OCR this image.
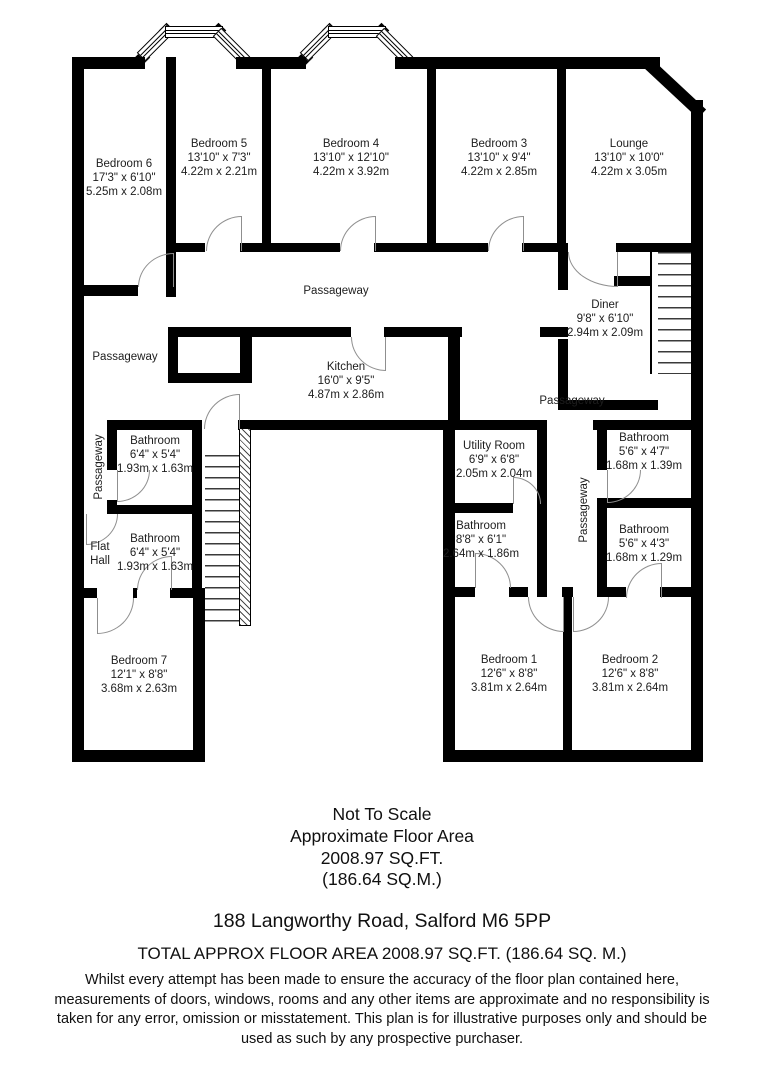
Bedroom 6
17'3" x 6'10"
5.25m x 2.08m
Bedroom 5
13'10" x 7'3"
4.22m x 2.21m
Bedroom 4
13'10" x 12'10"
4.22m x 3.92m
Bedroom 3
13'10" x 9'4"
4.22m x 2.85m
Lounge
13'10" x 10'0"
4.22m x 3.05m
Passageway
Diner
9'8" x 6'10"
2.94m x 2.09m
Passageway
Kitchen
16'0" x 9'5"
4.87m x 2.86m	Passageway
Utility Room
6'9" x 6'8"
2.05m x 2.04m
Bathroom
6'4" x 5'4"
1.93m x 1.63m
Passageway	Bathroom
5'6" x 4'7"
1.68m x 1.39m
Passageway
Bathroom
8'8" x 6'1"
2.64m x 1.86m
Bathroom
6'4" x 5'4"
1.93m x 1.63m
Flat
Hall
Bathroom
5'6" x 4'3"
1.68m x 1.29m
Bedroom 7
12'1" x 8'8"
3.68m x 2.63m
Bedroom 1
12'6" x 8'8"
3.81m x 2.64m
Bedroom 2
12'6" x 8'8"
3.81m x 2.64m
Not To Scale
Approximate Floor Area
2008.97 SQ.FT.
(186.64 SQ.M.)
188 Langworthy Road, Salford M6 5PP
TOTAL APPROX FLOOR AREA 2008.97 SQ.FT. (186.64 SQ. M.)
Whilst every attempt has been made to ensure the accuracy of the floor plan contained here, measurements of doors, windows, rooms and any other items are approximate and no responsibility is taken for any error, omission or misstatement. This plan is for illustrative purposes only and should be used as such by any prospective purchaser.
